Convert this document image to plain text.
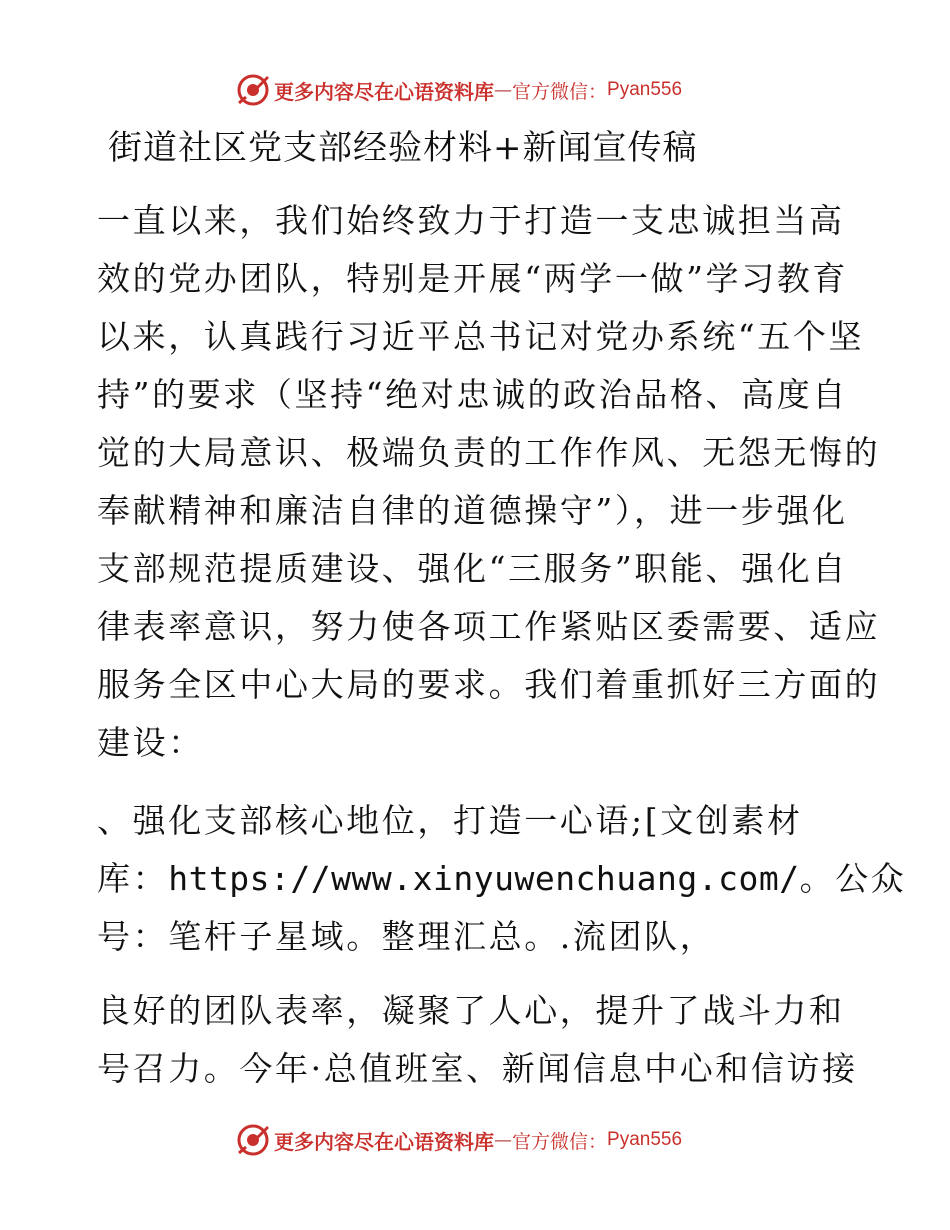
更多内容尽在心语资料库 — 官方微信： Pyan556
街道社区党支部经验材料+新闻宣传稿
一直以来，我们始终致力于打造一支忠诚担当高
效的党办团队，特别是开展“两学一做”学习教育
以来，认真践行习近平总书记对党办系统“五个坚
持”的要求（坚持“绝对忠诚的政治品格、高度自
觉的大局意识、极端负责的工作作风、无怨无悔的
奉献精神和廉洁自律的道德操守”），进一步强化
支部规范提质建设、强化“三服务”职能、强化自
律表率意识，努力使各项工作紧贴区委需要、适应
服务全区中心大局的要求。我们着重抓好三方面的
建设：
、强化支部核心地位，打造一心语;[文创素材
库：https://www.xinyuwenchuang.com/。公众
号：笔杆子星域。整理汇总。.流团队，
良好的团队表率，凝聚了人心，提升了战斗力和
号召力。今年·总值班室、新闻信息中心和信访接
更多内容尽在心语资料库 — 官方微信： Pyan556
